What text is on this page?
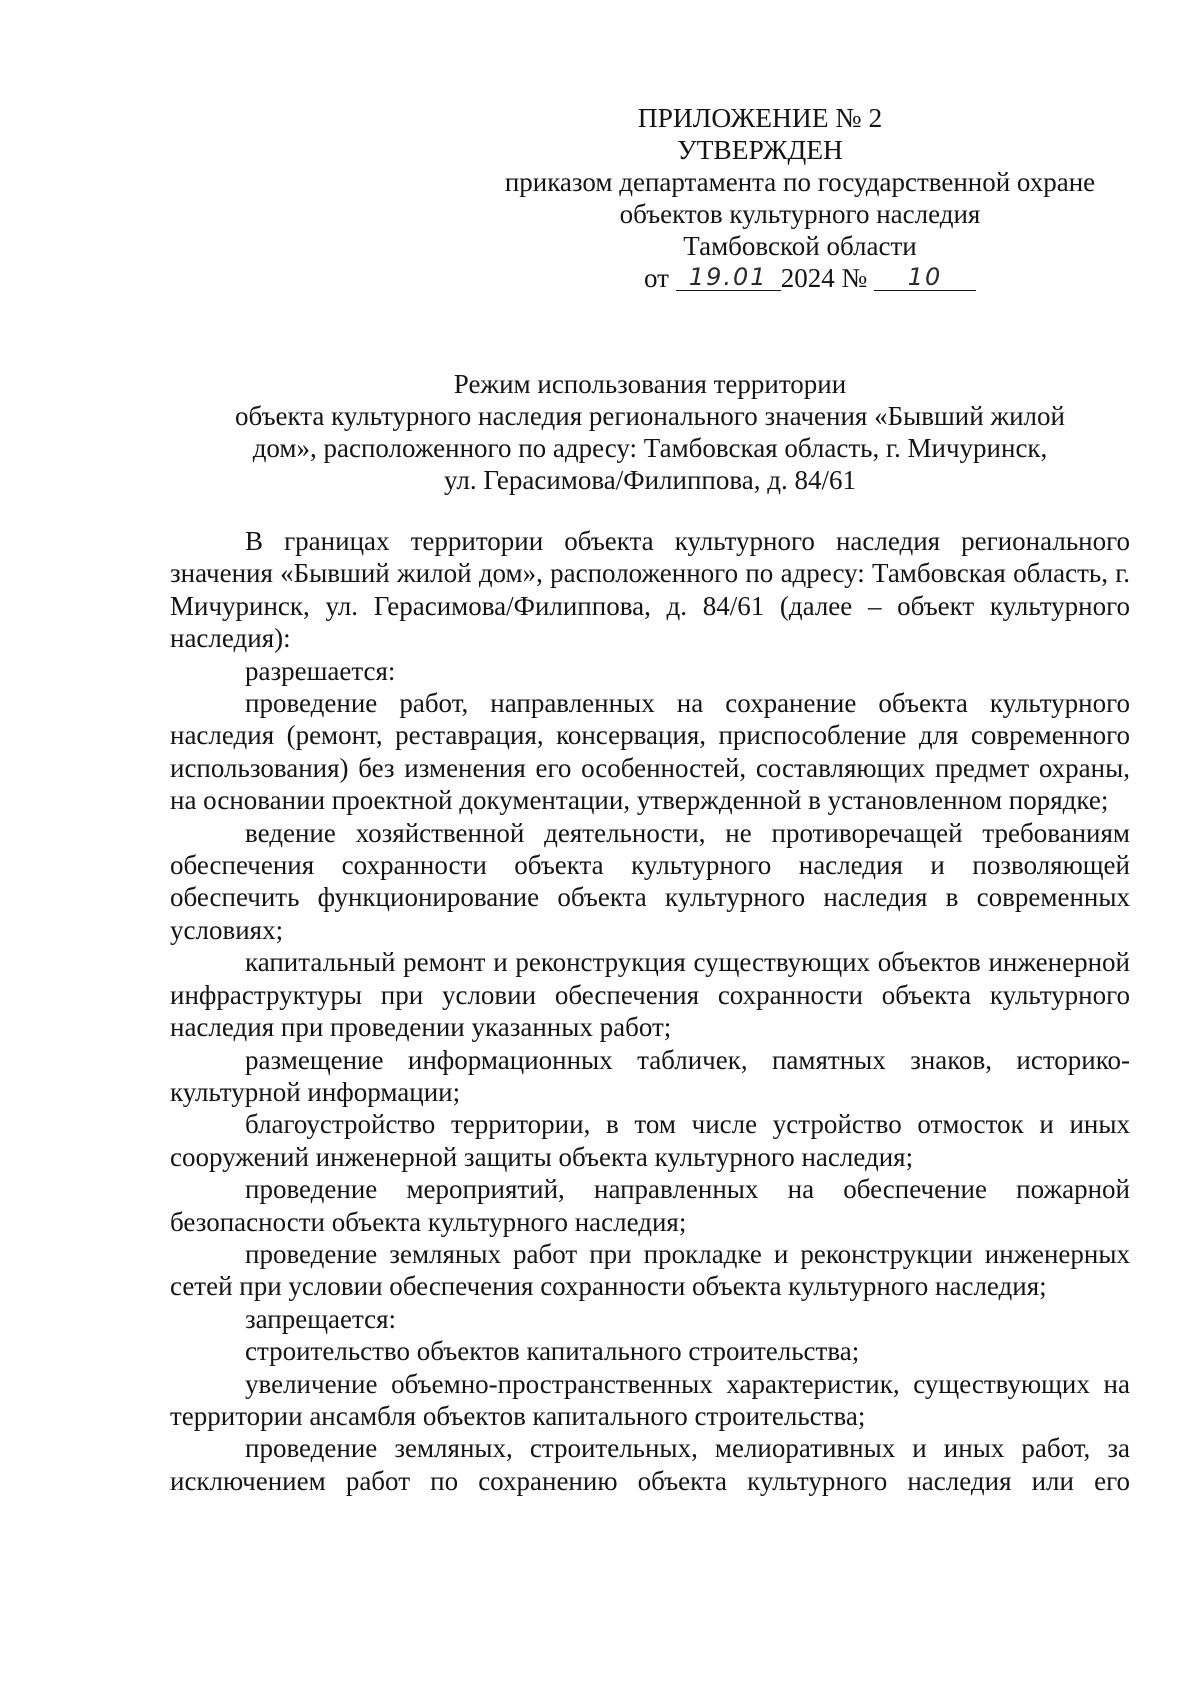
ПРИЛОЖЕНИЕ № 2
УТВЕРЖДЕН
приказом департамента по государственной охране
объектов культурного наследия
Тамбовской области
от 19.01 2024 № 10
Режим использования территории
объекта культурного наследия регионального значения «Бывший жилой
дом», расположенного по адресу: Тамбовская область, г. Мичуринск,
ул. Герасимова/Филиппова, д. 84/61

В границах территории объекта культурного наследия регионального значения «Бывший жилой дом», расположенного по адресу: Тамбовская область, г. Мичуринск, ул. Герасимова/Филиппова, д. 84/61 (далее – объект культурного наследия):

разрешается:

проведение работ, направленных на сохранение объекта культурного наследия (ремонт, реставрация, консервация, приспособление для современного использования) без изменения его особенностей, составляющих предмет охраны, на основании проектной документации, утвержденной в установленном порядке;

ведение хозяйственной деятельности, не противоречащей требованиям обеспечения сохранности объекта культурного наследия и позволяющей обеспечить функционирование объекта культурного наследия в современных условиях;

капитальный ремонт и реконструкция существующих объектов инженерной инфраструктуры при условии обеспечения сохранности объекта культурного наследия при проведении указанных работ;

размещение информационных табличек, памятных знаков, историко-культурной информации;

благоустройство территории, в том числе устройство отмосток и иных сооружений инженерной защиты объекта культурного наследия;

проведение мероприятий, направленных на обеспечение пожарной безопасности объекта культурного наследия;

проведение земляных работ при прокладке и реконструкции инженерных сетей при условии обеспечения сохранности объекта культурного наследия;

запрещается:

строительство объектов капитального строительства;

увеличение объемно-пространственных характеристик, существующих на территории ансамбля объектов капитального строительства;

проведение земляных, строительных, мелиоративных и иных работ, за исключением работ по сохранению объекта культурного наследия или его
